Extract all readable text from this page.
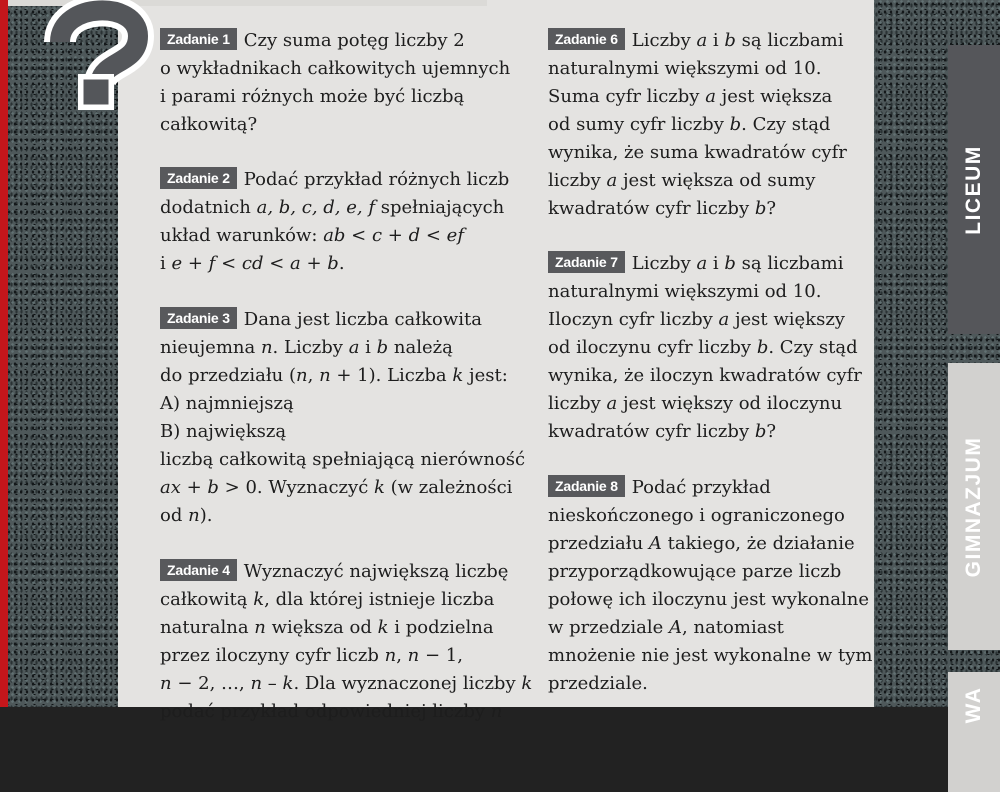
Zadanie 1 Czy suma potęg liczby 2
o wykładnikach całkowitych ujemnych
i parami różnych może być liczbą
całkowitą?
Zadanie 2 Podać przykład różnych liczb
dodatnich a, b, c, d, e, f spełniających
układ warunków: ab < c + d < ef
i e + f < cd < a + b.
Zadanie 3 Dana jest liczba całkowita
nieujemna n. Liczby a i b należą
do przedziału (n, n + 1). Liczba k jest:
A) najmniejszą
B) największą
liczbą całkowitą spełniającą nierówność
ax + b > 0. Wyznaczyć k (w zależności
od n).
Zadanie 4 Wyznaczyć największą liczbę
całkowitą k, dla której istnieje liczba
naturalna n większa od k i podzielna
przez iloczyny cyfr liczb n, n − 1,
n − 2, …, n – k. Dla wyznaczonej liczby k
podać przykład odpowiedniej liczby n
Zadanie 6 Liczby a i b są liczbami
naturalnymi większymi od 10.
Suma cyfr liczby a jest większa
od sumy cyfr liczby b. Czy stąd
wynika, że suma kwadratów cyfr
liczby a jest większa od sumy
kwadratów cyfr liczby b?
Zadanie 7 Liczby a i b są liczbami
naturalnymi większymi od 10.
Iloczyn cyfr liczby a jest większy
od iloczynu cyfr liczby b. Czy stąd
wynika, że iloczyn kwadratów cyfr
liczby a jest większy od iloczynu
kwadratów cyfr liczby b?
Zadanie 8 Podać przykład
nieskończonego i ograniczonego
przedziału A takiego, że działanie
przyporządkowujące parze liczb
połowę ich iloczynu jest wykonalne
w przedziale A, natomiast
mnożenie nie jest wykonalne w tym
przedziale.
LICEUM
GIMNAZJUM
WA
